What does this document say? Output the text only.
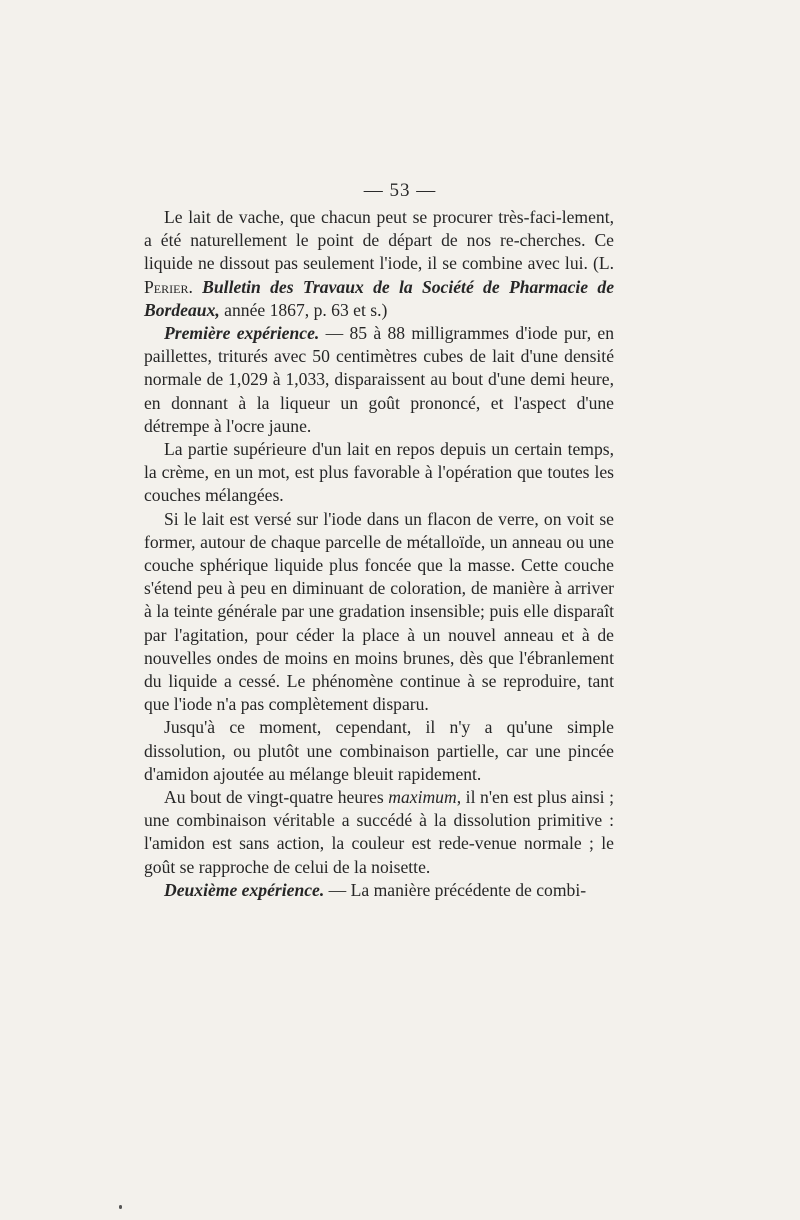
— 53 —

Le lait de vache, que chacun peut se procurer très-faci-lement, a été naturellement le point de départ de nos re-cherches. Ce liquide ne dissout pas seulement l'iode, il se combine avec lui. (L. Perier. Bulletin des Travaux de la Société de Pharmacie de Bordeaux, année 1867, p. 63 et s.)

Première expérience. — 85 à 88 milligrammes d'iode pur, en paillettes, triturés avec 50 centimètres cubes de lait d'une densité normale de 1,029 à 1,033, disparaissent au bout d'une demi heure, en donnant à la liqueur un goût prononcé, et l'aspect d'une détrempe à l'ocre jaune.

La partie supérieure d'un lait en repos depuis un certain temps, la crème, en un mot, est plus favorable à l'opération que toutes les couches mélangées.

Si le lait est versé sur l'iode dans un flacon de verre, on voit se former, autour de chaque parcelle de métalloïde, un anneau ou une couche sphérique liquide plus foncée que la masse. Cette couche s'étend peu à peu en diminuant de coloration, de manière à arriver à la teinte générale par une gradation insensible; puis elle disparaît par l'agitation, pour céder la place à un nouvel anneau et à de nouvelles ondes de moins en moins brunes, dès que l'ébranlement du liquide a cessé. Le phénomène continue à se reproduire, tant que l'iode n'a pas complètement disparu.

Jusqu'à ce moment, cependant, il n'y a qu'une simple dissolution, ou plutôt une combinaison partielle, car une pincée d'amidon ajoutée au mélange bleuit rapidement.

Au bout de vingt-quatre heures maximum, il n'en est plus ainsi ; une combinaison véritable a succédé à la dissolution primitive : l'amidon est sans action, la couleur est rede-venue normale ; le goût se rapproche de celui de la noisette.

Deuxième expérience. — La manière précédente de combi-
